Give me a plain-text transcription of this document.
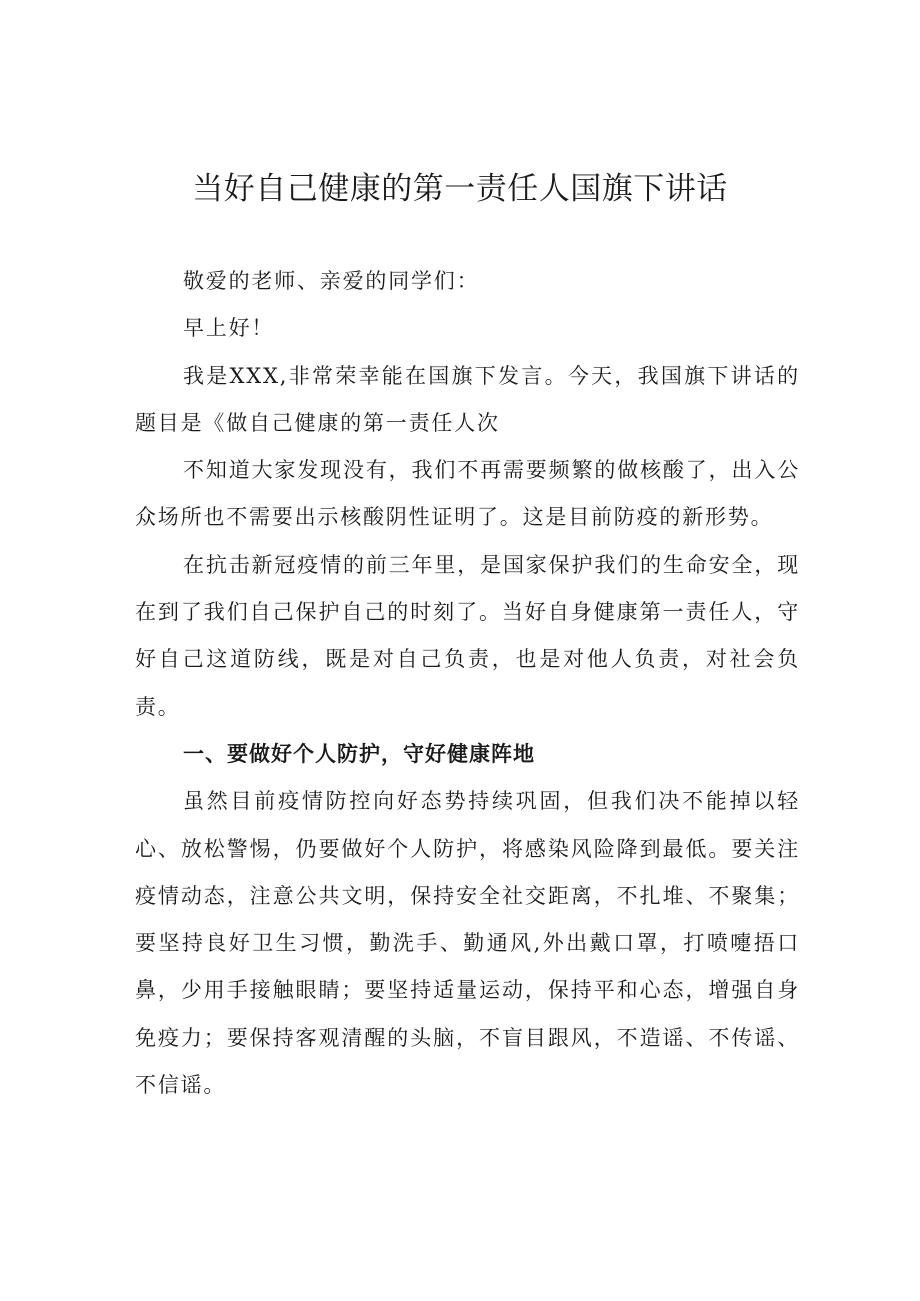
当好自己健康的第一责任人国旗下讲话

敬爱的老师、亲爱的同学们：

早上好！

我是XXX,非常荣幸能在国旗下发言。今天，我国旗下讲话的题目是《做自己健康的第一责任人次

不知道大家发现没有，我们不再需要频繁的做核酸了，出入公众场所也不需要出示核酸阴性证明了。这是目前防疫的新形势。

在抗击新冠疫情的前三年里，是国家保护我们的生命安全，现在到了我们自己保护自己的时刻了。当好自身健康第一责任人，守好自己这道防线，既是对自己负责，也是对他人负责，对社会负责。

一、要做好个人防护，守好健康阵地

虽然目前疫情防控向好态势持续巩固，但我们决不能掉以轻心、放松警惕，仍要做好个人防护，将感染风险降到最低。要关注疫情动态，注意公共文明，保持安全社交距离，不扎堆、不聚集；要坚持良好卫生习惯，勤洗手、勤通风,外出戴口罩，打喷嚏捂口鼻，少用手接触眼睛；要坚持适量运动，保持平和心态，增强自身免疫力；要保持客观清醒的头脑，不盲目跟风，不造谣、不传谣、不信谣。
